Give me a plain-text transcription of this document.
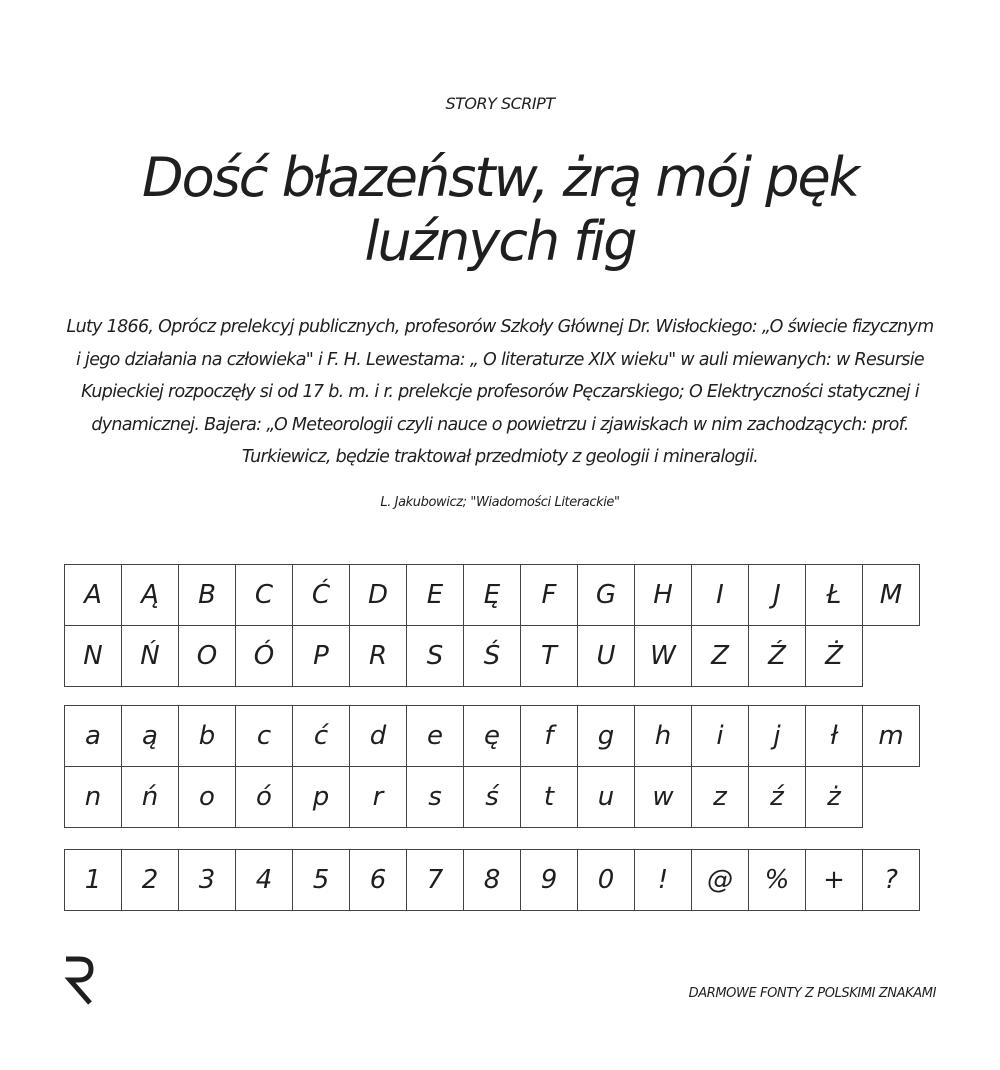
STORY SCRIPT
Dość błazeństw, żrą mój pęk luźnych fig
Luty 1866, Oprócz prelekcyj publicznych, profesorów Szkoły Głównej Dr. Wisłockiego: „O świecie fizycznym i jego działania na człowieka" i F. H. Lewestama: „ O literaturze XIX wieku" w auli miewanych: w Resursie Kupieckiej rozpoczęły si od 17 b. m. i r. prelekcje profesorów Pęczarskiego; O Elektryczności statycznej i dynamicznej. Bajera: „O Meteorologii czyli nauce o powietrzu i zjawiskach w nim zachodzących: prof. Turkiewicz, będzie traktował przedmioty z geologii i mineralogii.
L. Jakubowicz; "Wiadomości Literackie"
A	Ą	B	C	Ć	D	E	Ę	F	G	H	I	J	Ł	M
N	Ń	O	Ó	P	R	S	Ś	T	U	W	Z	Ź	Ż
a	ą	b	c	ć	d	e	ę	f	g	h	i	j	ł	m
n	ń	o	ó	p	r	s	ś	t	u	w	z	ź	ż
1	2	3	4	5	6	7	8	9	0	!	@	%	+	?
DARMOWE FONTY Z POLSKIMI ZNAKAMI
